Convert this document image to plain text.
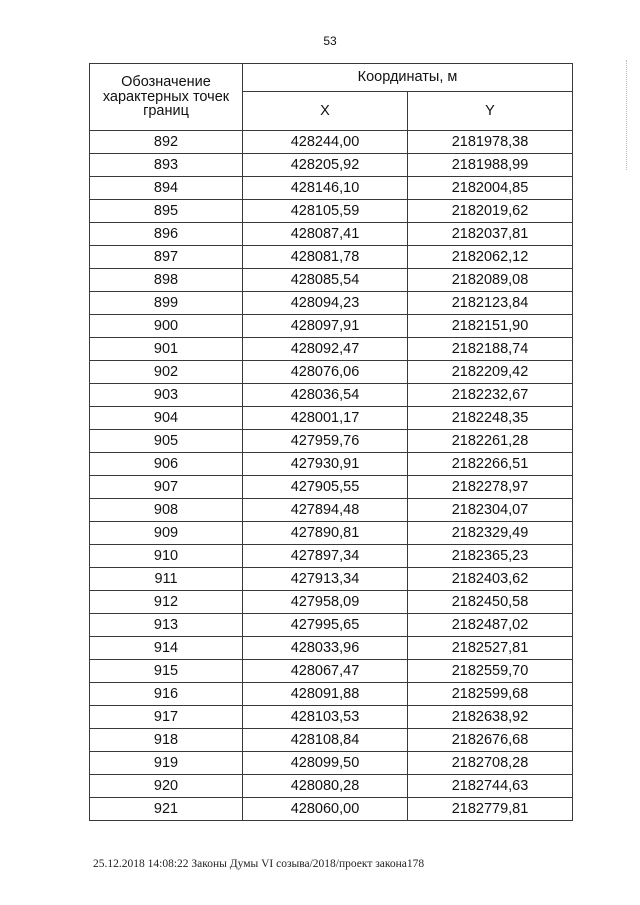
53
Обозначение характерных точек границ	Координаты, м	
	X	Y
892	428244,00	2181978,38
893	428205,92	2181988,99
894	428146,10	2182004,85
895	428105,59	2182019,62
896	428087,41	2182037,81
897	428081,78	2182062,12
898	428085,54	2182089,08
899	428094,23	2182123,84
900	428097,91	2182151,90
901	428092,47	2182188,74
902	428076,06	2182209,42
903	428036,54	2182232,67
904	428001,17	2182248,35
905	427959,76	2182261,28
906	427930,91	2182266,51
907	427905,55	2182278,97
908	427894,48	2182304,07
909	427890,81	2182329,49
910	427897,34	2182365,23
911	427913,34	2182403,62
912	427958,09	2182450,58
913	427995,65	2182487,02
914	428033,96	2182527,81
915	428067,47	2182559,70
916	428091,88	2182599,68
917	428103,53	2182638,92
918	428108,84	2182676,68
919	428099,50	2182708,28
920	428080,28	2182744,63
921	428060,00	2182779,81
25.12.2018 14:08:22 Законы Думы VI созыва/2018/проект закона178
